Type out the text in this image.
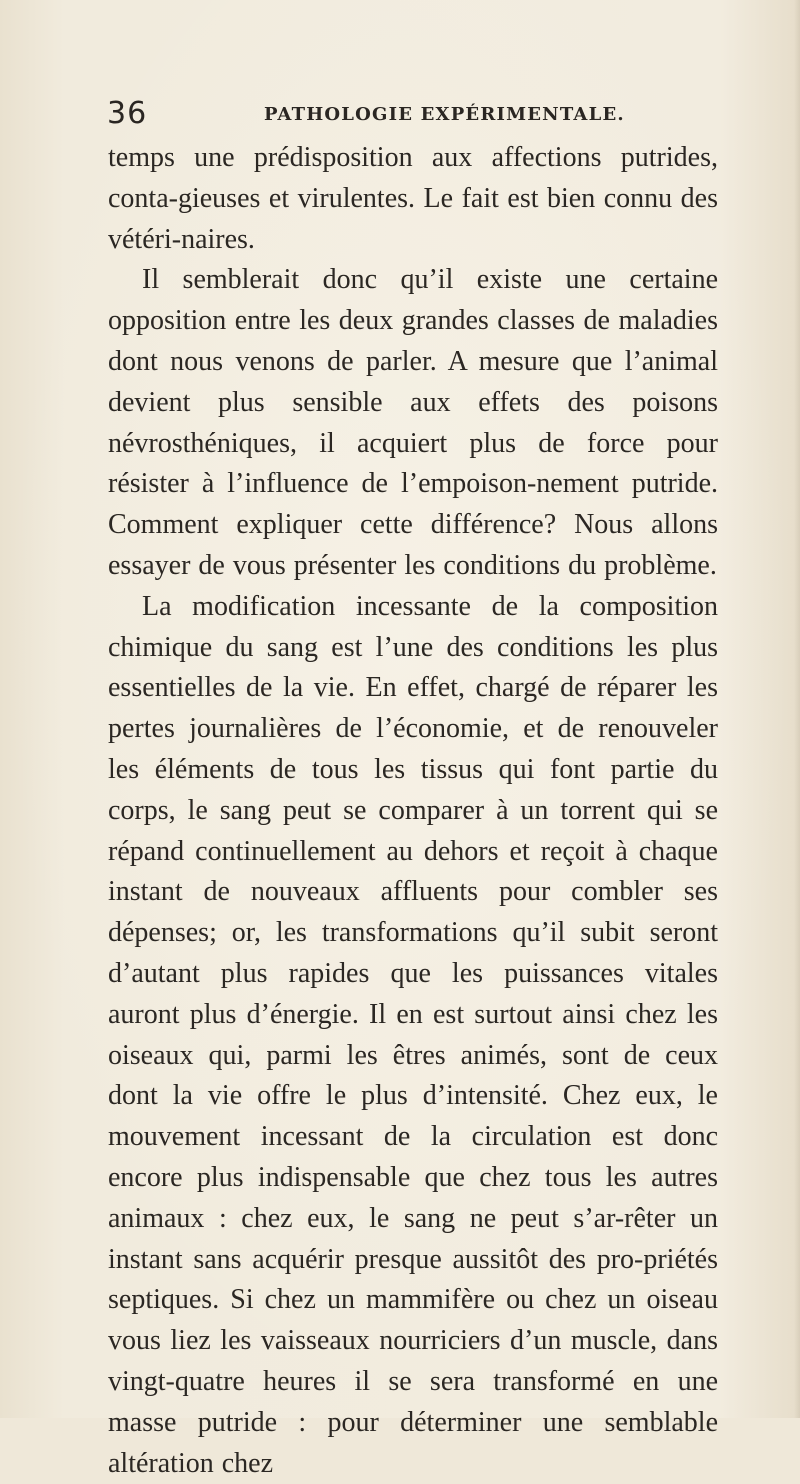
36	PATHOLOGIE EXPÉRIMENTALE.

temps une prédisposition aux affections putrides, conta-gieuses et virulentes. Le fait est bien connu des vétéri-naires.

Il semblerait donc qu’il existe une certaine opposition entre les deux grandes classes de maladies dont nous venons de parler. A mesure que l’animal devient plus sensible aux effets des poisons névrosthéniques, il acquiert plus de force pour résister à l’influence de l’empoison-nement putride. Comment expliquer cette différence? Nous allons essayer de vous présenter les conditions du problème.

La modification incessante de la composition chimique du sang est l’une des conditions les plus essentielles de la vie. En effet, chargé de réparer les pertes journalières de l’économie, et de renouveler les éléments de tous les tissus qui font partie du corps, le sang peut se comparer à un torrent qui se répand continuellement au dehors et reçoit à chaque instant de nouveaux affluents pour combler ses dépenses; or, les transformations qu’il subit seront d’autant plus rapides que les puissances vitales auront plus d’énergie. Il en est surtout ainsi chez les oiseaux qui, parmi les êtres animés, sont de ceux dont la vie offre le plus d’intensité. Chez eux, le mouvement incessant de la circulation est donc encore plus indispensable que chez tous les autres animaux : chez eux, le sang ne peut s’ar-rêter un instant sans acquérir presque aussitôt des pro-priétés septiques. Si chez un mammifère ou chez un oiseau vous liez les vaisseaux nourriciers d’un muscle, dans vingt-quatre heures il se sera transformé en une masse putride : pour déterminer une semblable altération chez
